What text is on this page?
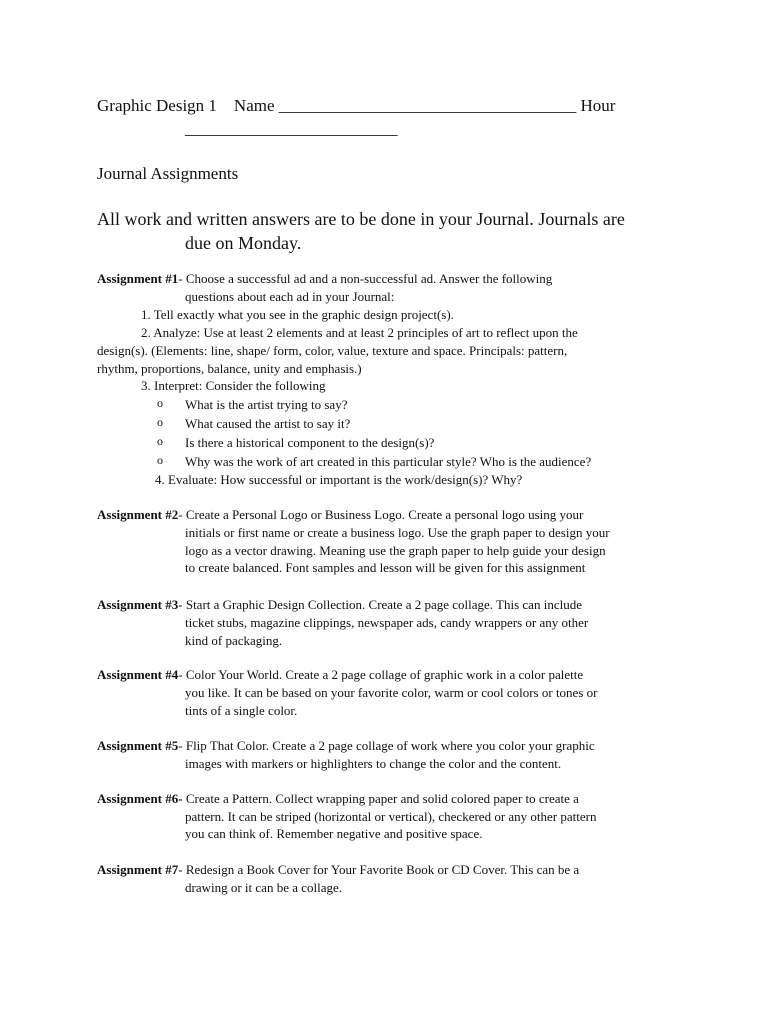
Graphic Design 1 Name ___________________________________ Hour
_________________________
Journal Assignments
All work and written answers are to be done in your Journal. Journals are
due on Monday.
Assignment #1- Choose a successful ad and a non-successful ad. Answer the following
questions about each ad in your Journal:
1. Tell exactly what you see in the graphic design project(s).
2. Analyze: Use at least 2 elements and at least 2 principles of art to reflect upon the
design(s). (Elements: line, shape/ form, color, value, texture and space. Principals: pattern,
rhythm, proportions, balance, unity and emphasis.)
3. Interpret: Consider the following
o What is the artist trying to say?
o What caused the artist to say it?
o Is there a historical component to the design(s)?
o Why was the work of art created in this particular style? Who is the audience?
4. Evaluate: How successful or important is the work/design(s)? Why?
Assignment #2- Create a Personal Logo or Business Logo. Create a personal logo using your
initials or first name or create a business logo. Use the graph paper to design your
logo as a vector drawing. Meaning use the graph paper to help guide your design
to create balanced. Font samples and lesson will be given for this assignment
Assignment #3- Start a Graphic Design Collection. Create a 2 page collage. This can include
ticket stubs, magazine clippings, newspaper ads, candy wrappers or any other
kind of packaging.
Assignment #4- Color Your World. Create a 2 page collage of graphic work in a color palette
you like. It can be based on your favorite color, warm or cool colors or tones or
tints of a single color.
Assignment #5- Flip That Color. Create a 2 page collage of work where you color your graphic
images with markers or highlighters to change the color and the content.
Assignment #6- Create a Pattern. Collect wrapping paper and solid colored paper to create a
pattern. It can be striped (horizontal or vertical), checkered or any other pattern
you can think of. Remember negative and positive space.
Assignment #7- Redesign a Book Cover for Your Favorite Book or CD Cover. This can be a
drawing or it can be a collage.
